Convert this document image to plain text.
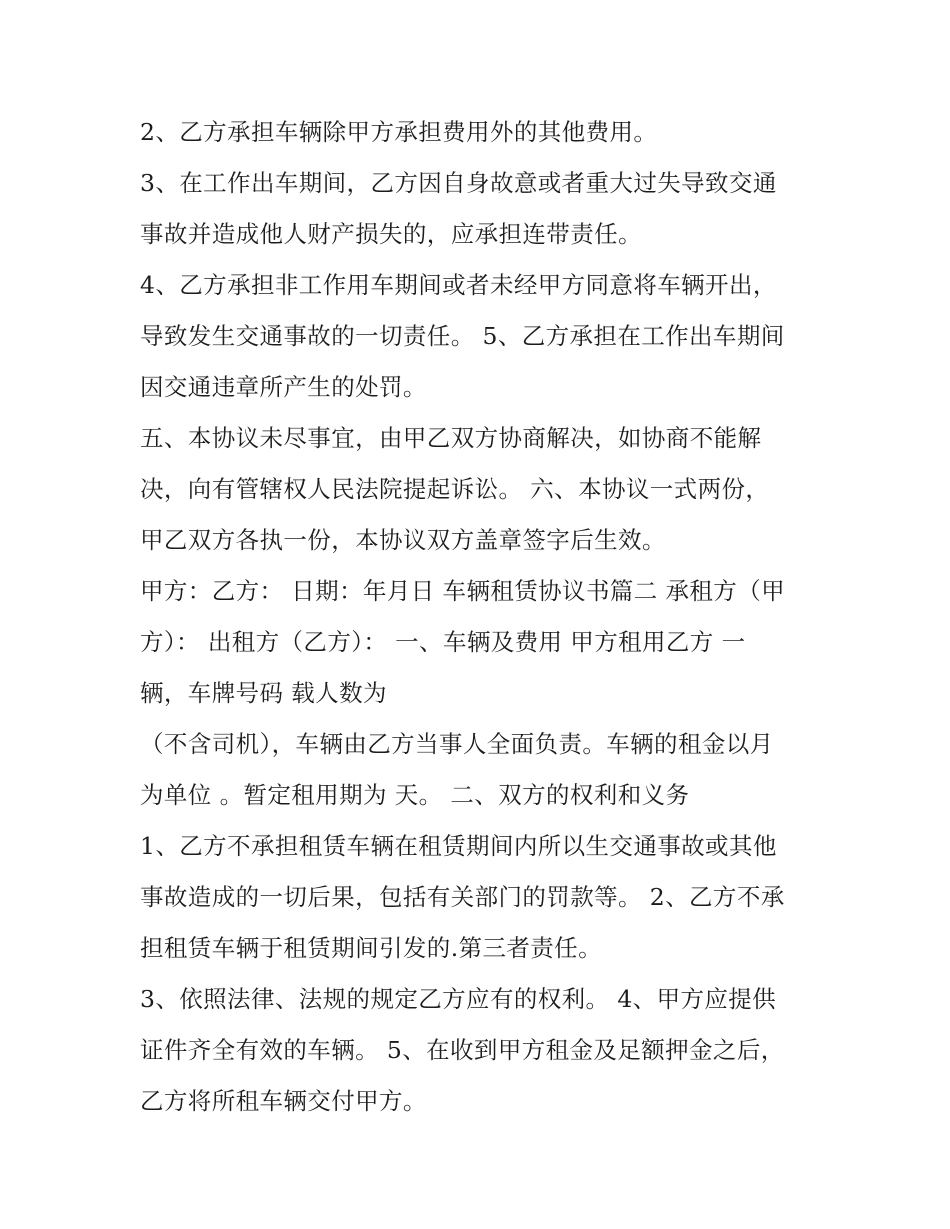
2、乙方承担车辆除甲方承担费用外的其他费用。
3、在工作出车期间，乙方因自身故意或者重大过失导致交通
事故并造成他人财产损失的，应承担连带责任。
4、乙方承担非工作用车期间或者未经甲方同意将车辆开出，
导致发生交通事故的一切责任。 5、乙方承担在工作出车期间
因交通违章所产生的处罚。
五、本协议未尽事宜，由甲乙双方协商解决，如协商不能解
决，向有管辖权人民法院提起诉讼。 六、本协议一式两份，
甲乙双方各执一份，本协议双方盖章签字后生效。
甲方：乙方： 日期：年月日 车辆租赁协议书篇二 承租方（甲
方）： 出租方（乙方）： 一、车辆及费用 甲方租用乙方 一
辆，车牌号码 载人数为
（不含司机），车辆由乙方当事人全面负责。车辆的租金以月
为单位 。暂定租用期为 天。 二、双方的权利和义务
1、乙方不承担租赁车辆在租赁期间内所以生交通事故或其他
事故造成的一切后果，包括有关部门的罚款等。 2、乙方不承
担租赁车辆于租赁期间引发的.第三者责任。
3、依照法律、法规的规定乙方应有的权利。 4、甲方应提供
证件齐全有效的车辆。 5、在收到甲方租金及足额押金之后，
乙方将所租车辆交付甲方。
